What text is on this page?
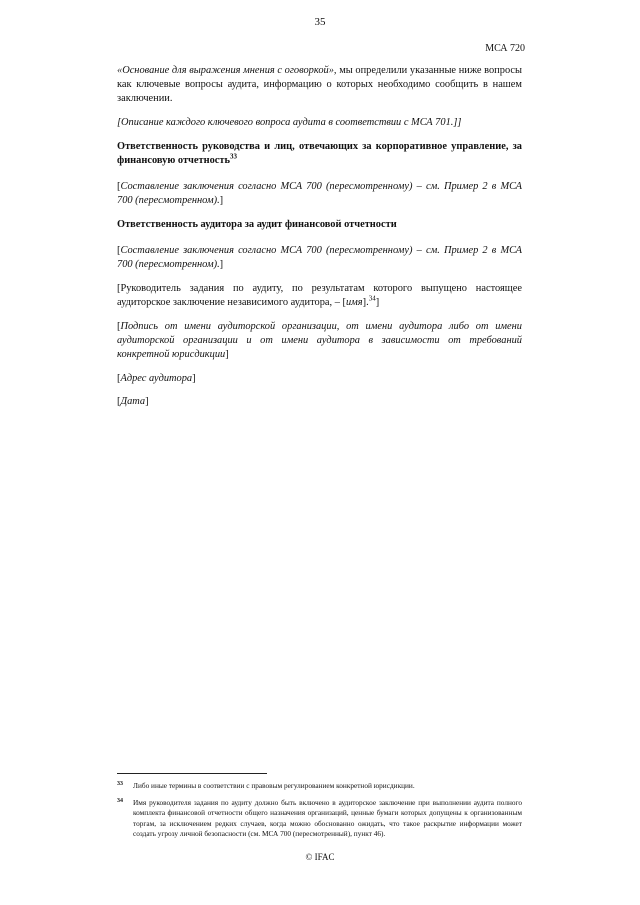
35
МСА 720

«Основание для выражения мнения с оговоркой», мы определили указанные ниже вопросы как ключевые вопросы аудита, информацию о которых необходимо сообщить в нашем заключении.

[Описание каждого ключевого вопроса аудита в соответствии с МСА 701.]]

Ответственность руководства и лиц, отвечающих за корпоративное управление, за финансовую отчетность$^{33}$

[Составление заключения согласно МСА 700 (пересмотренному) – см. Пример 2 в МСА 700 (пересмотренном).]

Ответственность аудитора за аудит финансовой отчетности

[Составление заключения согласно МСА 700 (пересмотренному) – см. Пример 2 в МСА 700 (пересмотренном).]

[Руководитель задания по аудиту, по результатам которого выпущено настоящее аудиторское заключение независимого аудитора, – [имя].$^{34}$]

[Подпись от имени аудиторской организации, от имени аудитора либо от имени аудиторской организации и от имени аудитора в зависимости от требований конкретной юрисдикции]

[Адрес аудитора]

[Дата]

33 Либо иные термины в соответствии с правовым регулированием конкретной юрисдикции.
34 Имя руководителя задания по аудиту должно быть включено в аудиторское заключение при выполнении аудита полного комплекта финансовой отчетности общего назначения организаций, ценные бумаги которых допущены к организованным торгам, за исключением редких случаев, когда можно обоснованно ожидать, что такое раскрытие информации может создать угрозу личной безопасности (см. МСА 700 (пересмотренный), пункт 46).
© IFAC
